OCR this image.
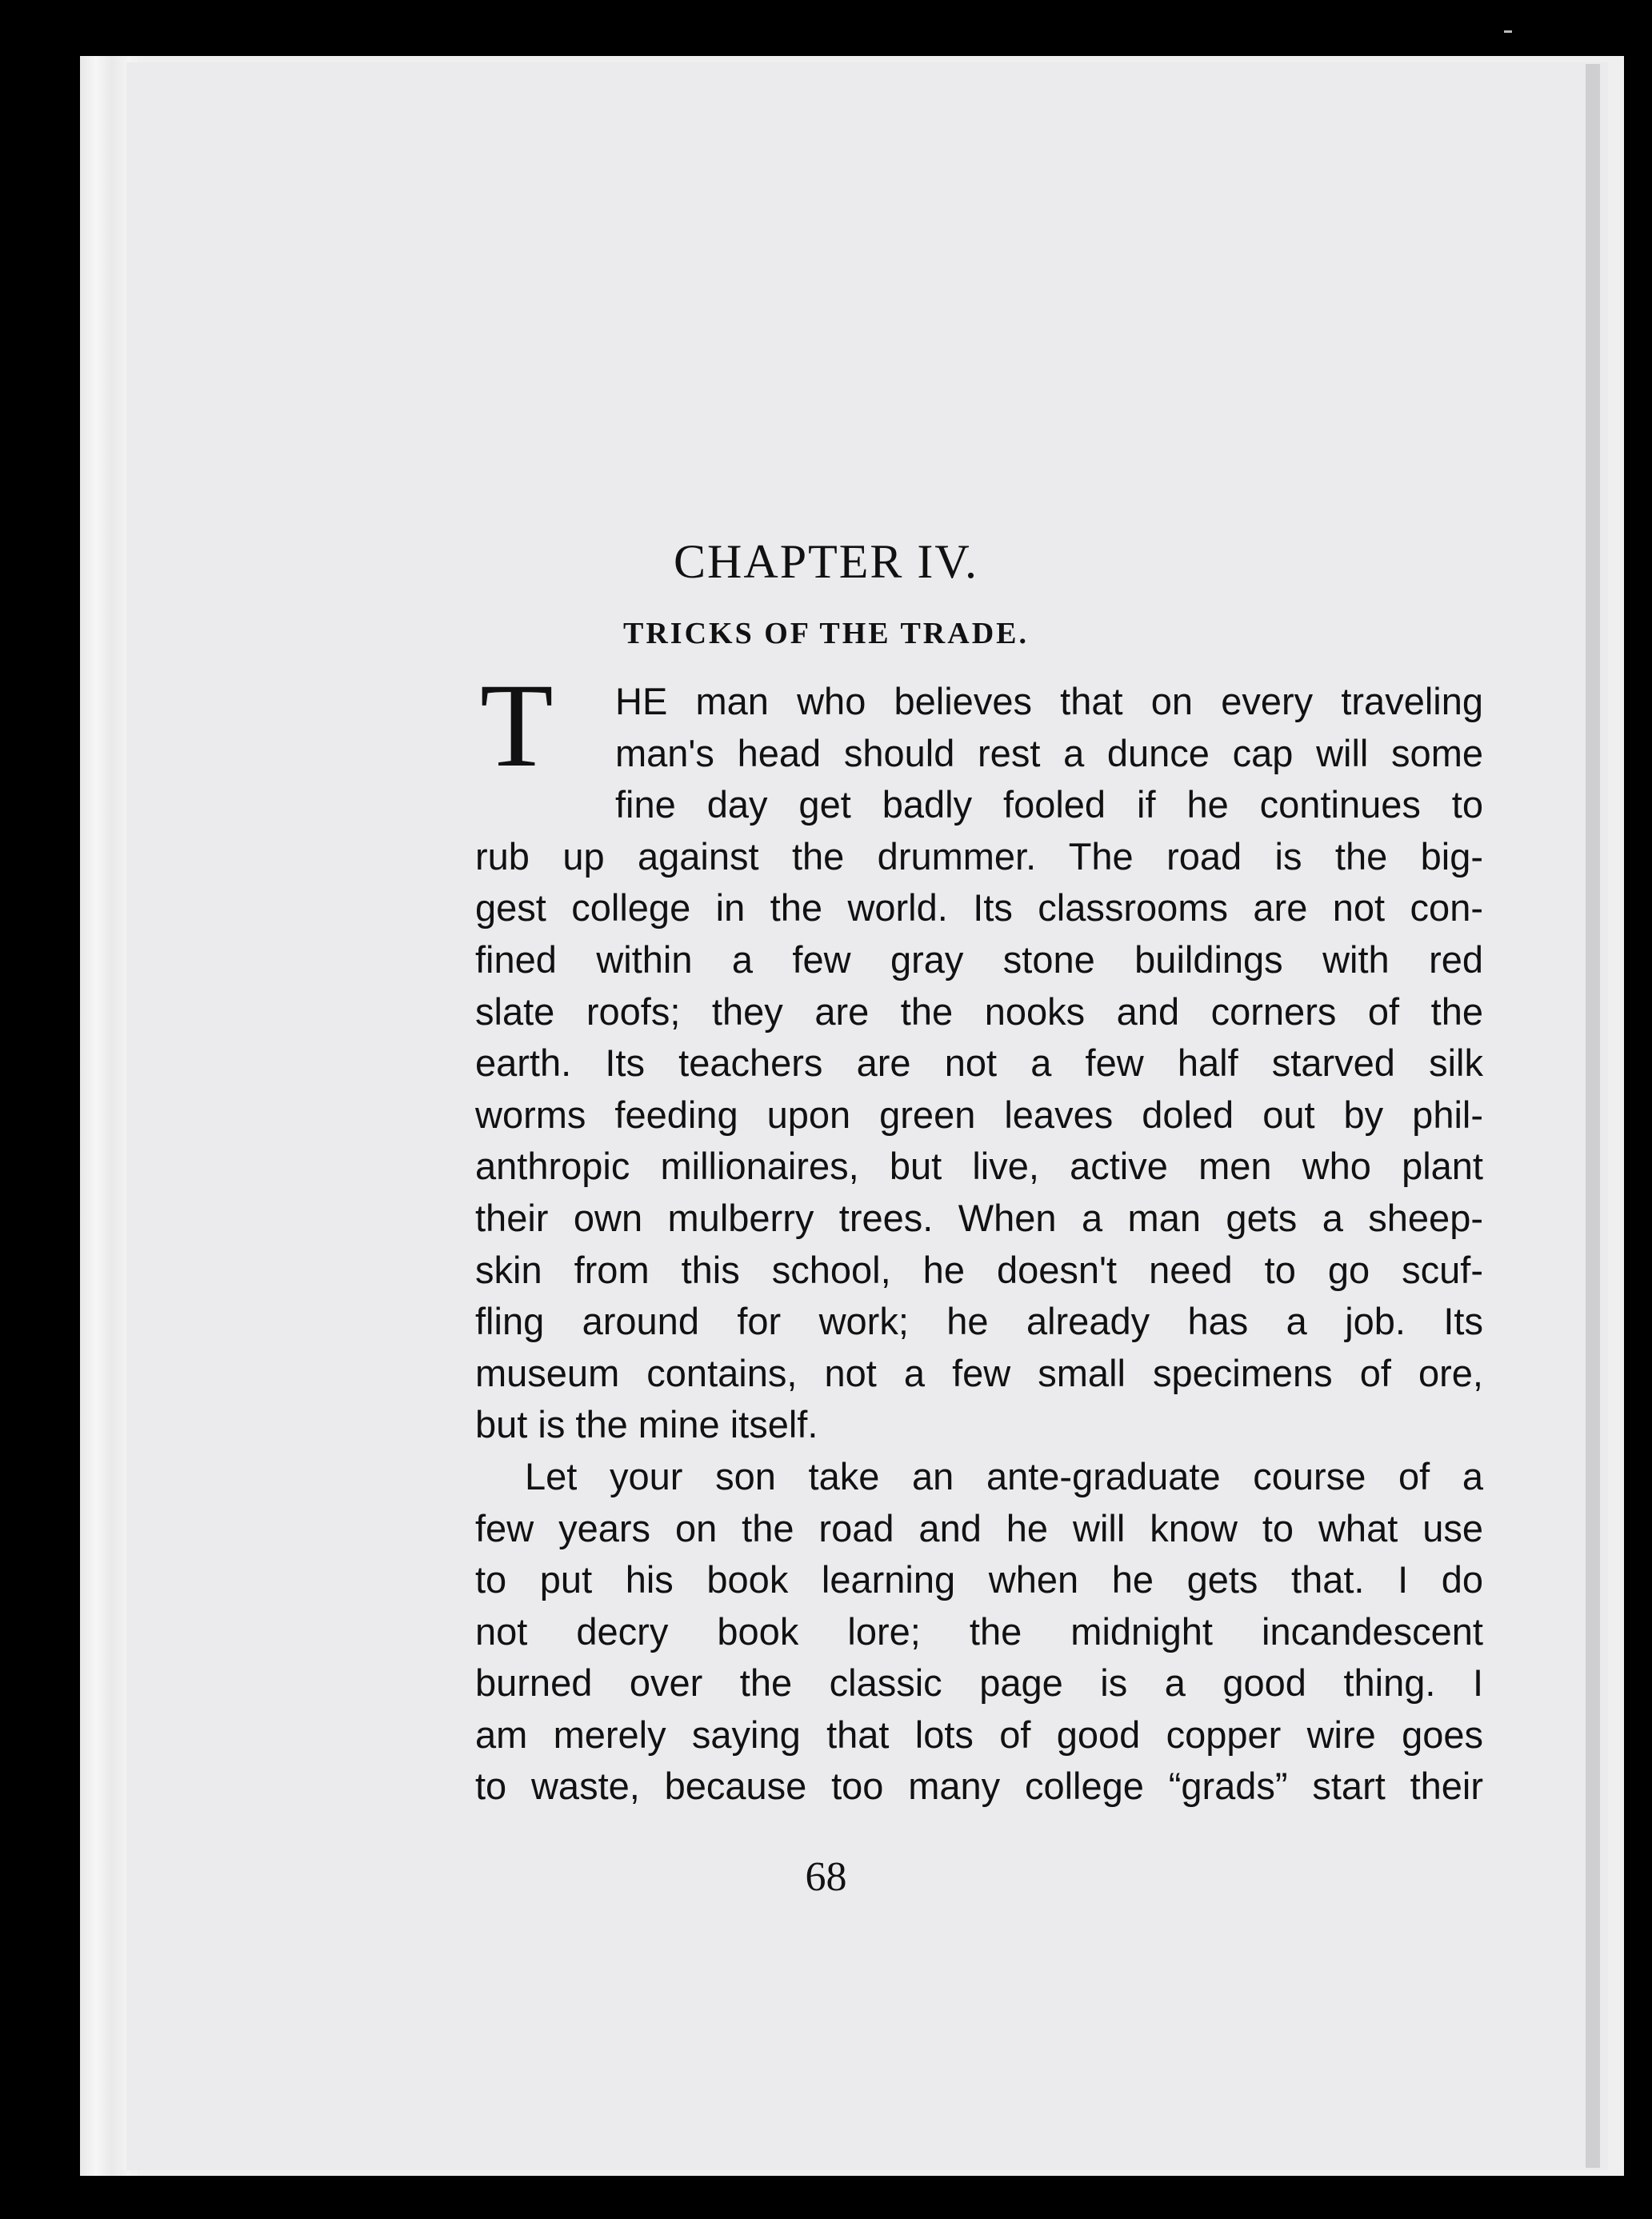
CHAPTER IV.
TRICKS OF THE TRADE.
T	HE man who believes that on every traveling
man's head should rest a dunce cap will some
fine day get badly fooled if he continues to
rub up against the drummer. The road is the big-
gest college in the world. Its classrooms are not con-
fined within a few gray stone buildings with red
slate roofs; they are the nooks and corners of the
earth. Its teachers are not a few half starved silk
worms feeding upon green leaves doled out by phil-
anthropic millionaires, but live, active men who plant
their own mulberry trees. When a man gets a sheep-
skin from this school, he doesn't need to go scuf-
fling around for work; he already has a job. Its
museum contains, not a few small specimens of ore,
but is the mine itself.
Let your son take an ante-graduate course of a
few years on the road and he will know to what use
to put his book learning when he gets that. I do
not decry book lore; the midnight incandescent
burned over the classic page is a good thing. I
am merely saying that lots of good copper wire goes
to waste, because too many college “grads” start their
68
